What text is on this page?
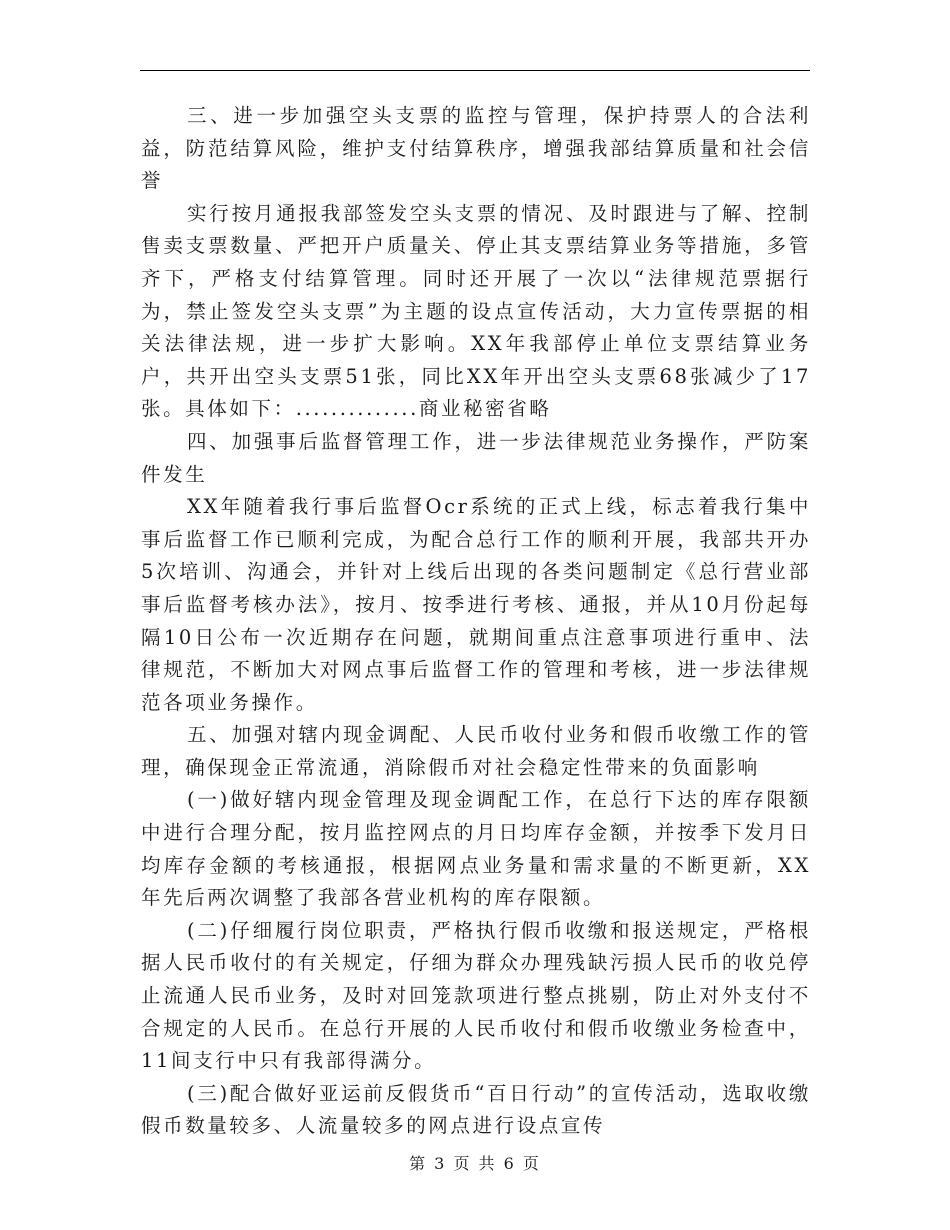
三、进一步加强空头支票的监控与管理，保护持票人的合法利益，防范结算风险，维护支付结算秩序，增强我部结算质量和社会信誉

实行按月通报我部签发空头支票的情况、及时跟进与了解、控制售卖支票数量、严把开户质量关、停止其支票结算业务等措施，多管齐下，严格支付结算管理。同时还开展了一次以“法律规范票据行为，禁止签发空头支票”为主题的设点宣传活动，大力宣传票据的相关法律法规，进一步扩大影响。XX年我部停止单位支票结算业务户，共开出空头支票51张，同比XX年开出空头支票68张减少了17张。具体如下：..............商业秘密省略

四、加强事后监督管理工作，进一步法律规范业务操作，严防案件发生

XX年随着我行事后监督Ocr系统的正式上线，标志着我行集中事后监督工作已顺利完成，为配合总行工作的顺利开展，我部共开办5次培训、沟通会，并针对上线后出现的各类问题制定《总行营业部事后监督考核办法》，按月、按季进行考核、通报，并从10月份起每隔10日公布一次近期存在问题，就期间重点注意事项进行重申、法律规范，不断加大对网点事后监督工作的管理和考核，进一步法律规范各项业务操作。

五、加强对辖内现金调配、人民币收付业务和假币收缴工作的管理，确保现金正常流通，消除假币对社会稳定性带来的负面影响

(一)做好辖内现金管理及现金调配工作，在总行下达的库存限额中进行合理分配，按月监控网点的月日均库存金额，并按季下发月日均库存金额的考核通报，根据网点业务量和需求量的不断更新，XX年先后两次调整了我部各营业机构的库存限额。

(二)仔细履行岗位职责，严格执行假币收缴和报送规定，严格根据人民币收付的有关规定，仔细为群众办理残缺污损人民币的收兑停止流通人民币业务，及时对回笼款项进行整点挑剔，防止对外支付不合规定的人民币。在总行开展的人民币收付和假币收缴业务检查中，11间支行中只有我部得满分。

(三)配合做好亚运前反假货币“百日行动”的宣传活动，选取收缴假币数量较多、人流量较多的网点进行设点宣传

第 3 页 共 6 页
